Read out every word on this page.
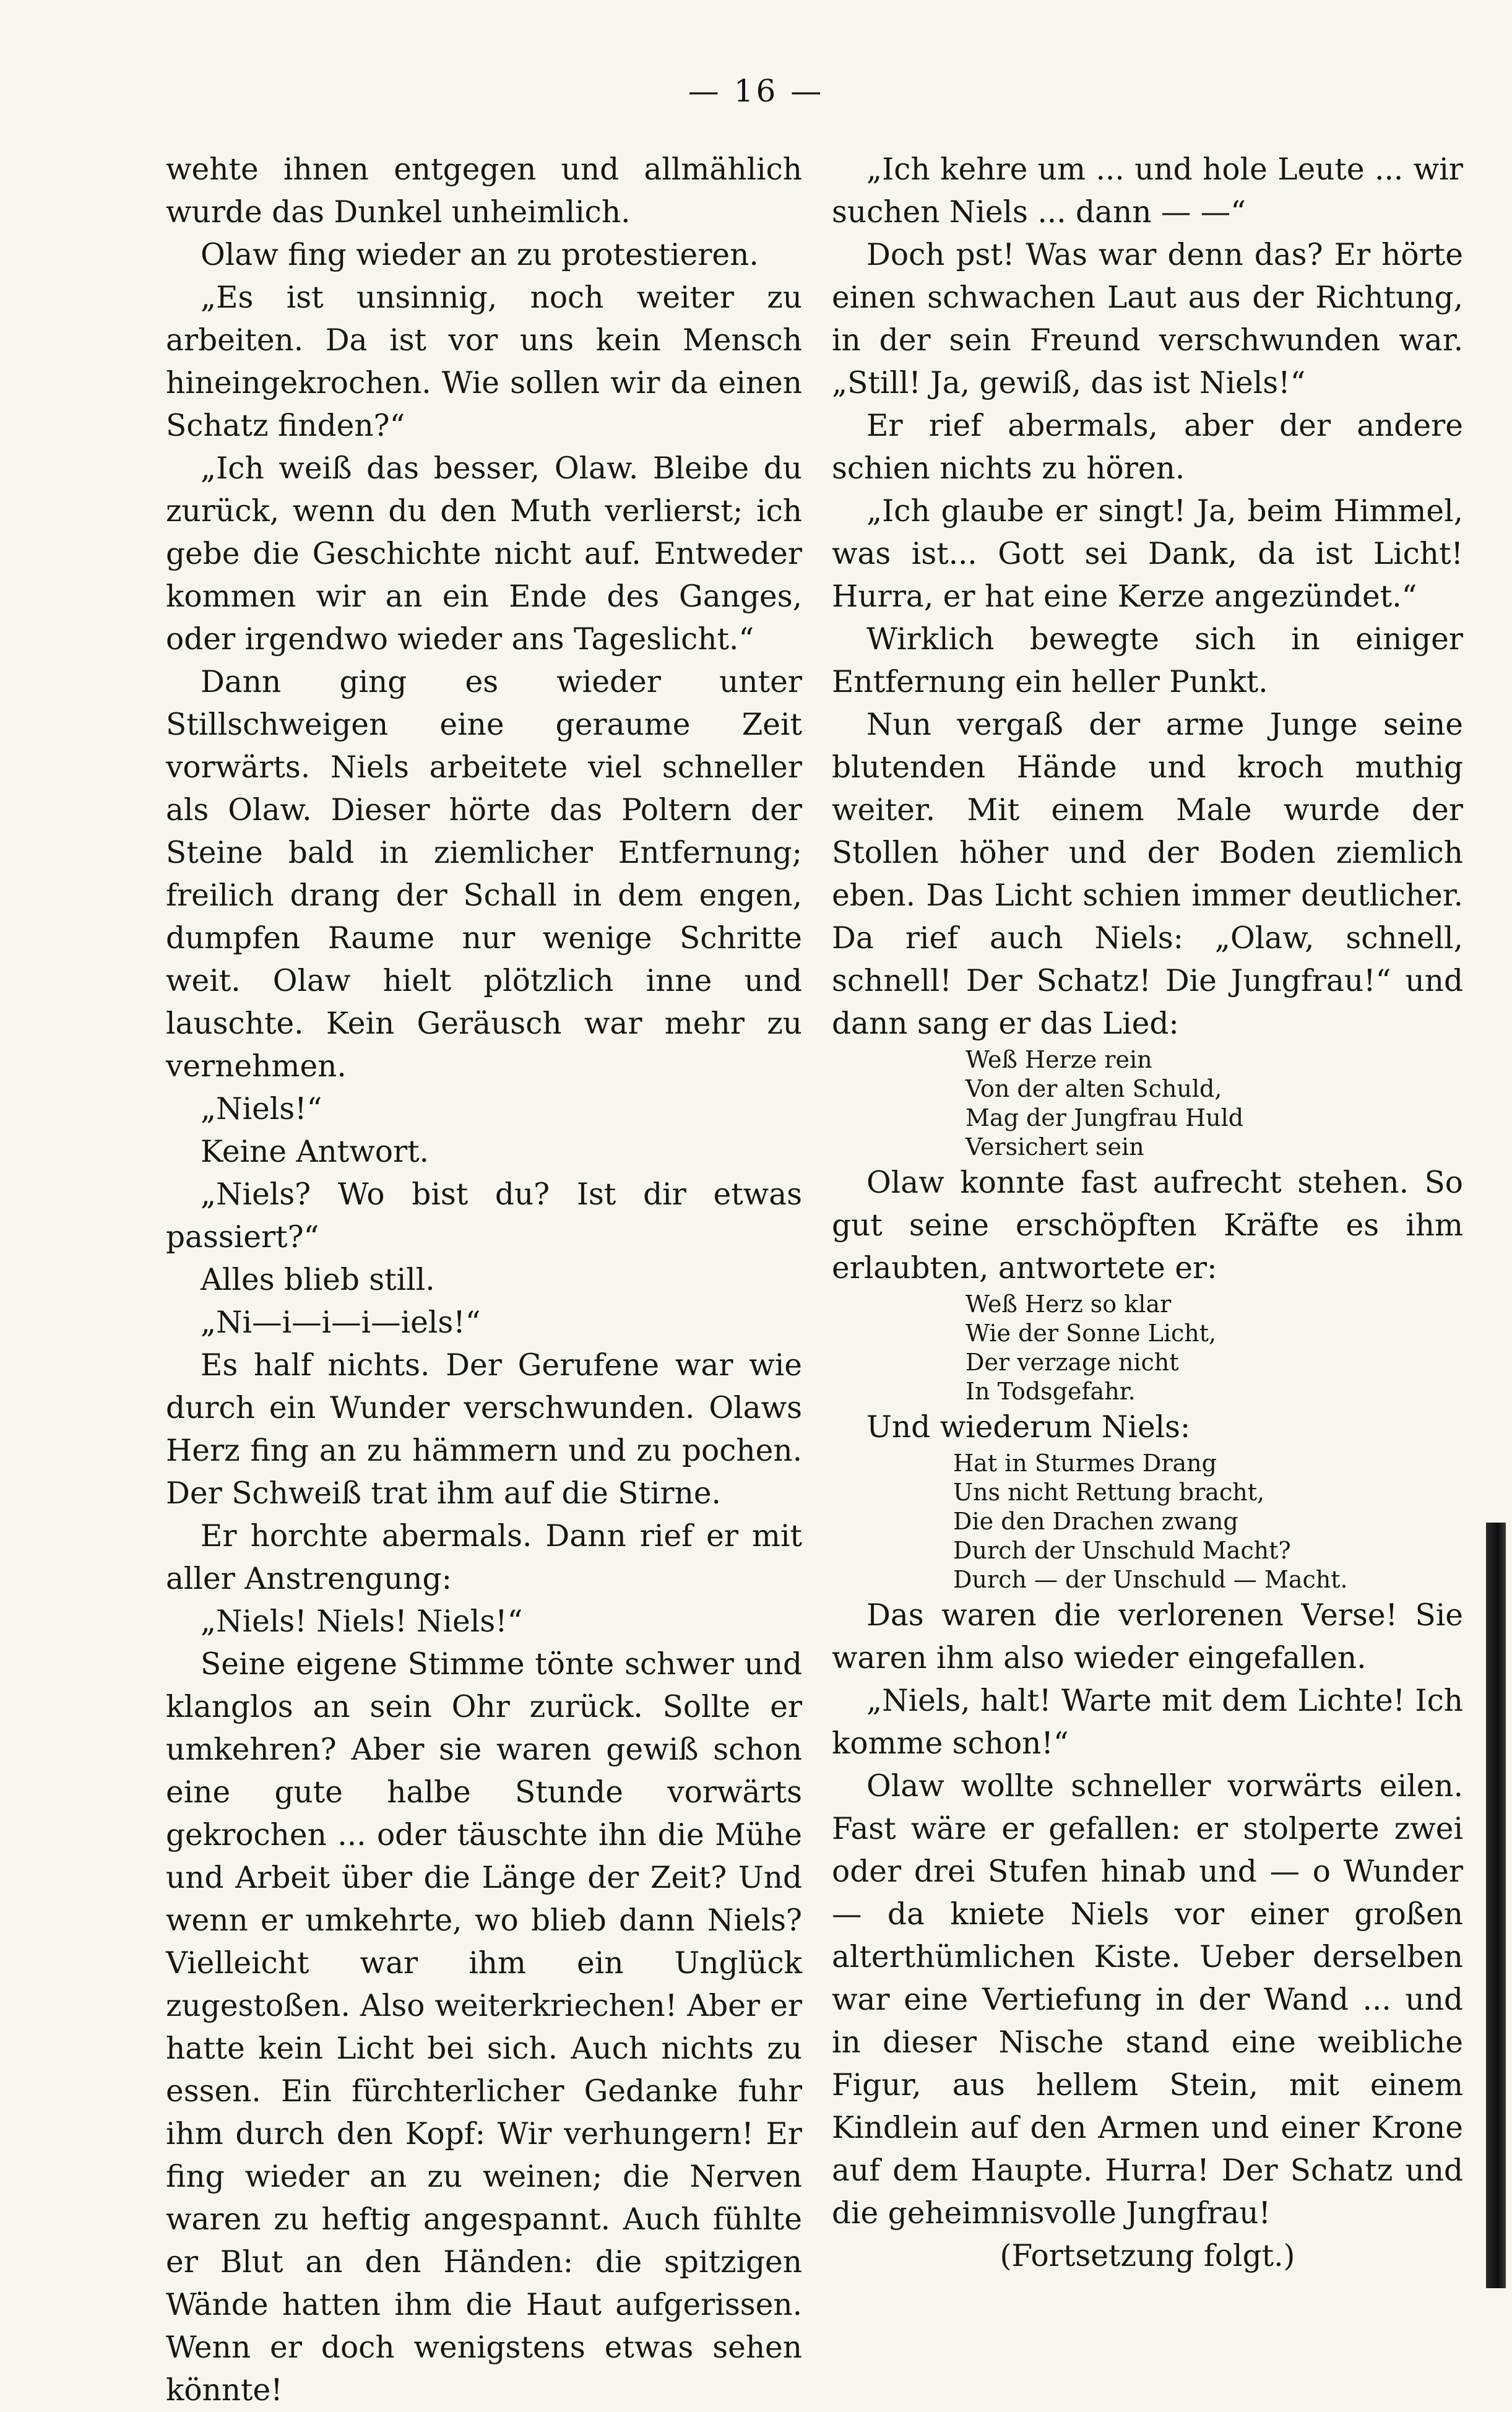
— 16 —

wehte ihnen entgegen und allmählich wurde das Dunkel unheimlich.

Olaw fing wieder an zu protestieren.

„Es ist unsinnig, noch weiter zu arbeiten. Da ist vor uns kein Mensch hineingekrochen. Wie sollen wir da einen Schatz finden?“

„Ich weiß das besser, Olaw. Bleibe du zurück, wenn du den Muth verlierst; ich gebe die Geschichte nicht auf. Entweder kommen wir an ein Ende des Ganges, oder irgendwo wieder ans Tageslicht.“

Dann ging es wieder unter Stillschweigen eine geraume Zeit vorwärts. Niels arbeitete viel schneller als Olaw. Dieser hörte das Poltern der Steine bald in ziemlicher Entfernung; freilich drang der Schall in dem engen, dumpfen Raume nur wenige Schritte weit. Olaw hielt plötzlich inne und lauschte. Kein Geräusch war mehr zu vernehmen.

„Niels!“

Keine Antwort.

„Niels? Wo bist du? Ist dir etwas passiert?“

Alles blieb still.

„Ni—i—i—i—iels!“

Es half nichts. Der Gerufene war wie durch ein Wunder verschwunden. Olaws Herz fing an zu hämmern und zu pochen. Der Schweiß trat ihm auf die Stirne.

Er horchte abermals. Dann rief er mit aller Anstrengung:

„Niels! Niels! Niels!“

Seine eigene Stimme tönte schwer und klanglos an sein Ohr zurück. Sollte er umkehren? Aber sie waren gewiß schon eine gute halbe Stunde vorwärts gekrochen ... oder täuschte ihn die Mühe und Arbeit über die Länge der Zeit? Und wenn er umkehrte, wo blieb dann Niels? Vielleicht war ihm ein Unglück zugestoßen. Also weiterkriechen! Aber er hatte kein Licht bei sich. Auch nichts zu essen. Ein fürchterlicher Gedanke fuhr ihm durch den Kopf: Wir verhungern! Er fing wieder an zu weinen; die Nerven waren zu heftig angespannt. Auch fühlte er Blut an den Händen: die spitzigen Wände hatten ihm die Haut aufgerissen. Wenn er doch wenigstens etwas sehen könnte!

„Ich kehre um ... und hole Leute ... wir suchen Niels ... dann — —“

Doch pst! Was war denn das? Er hörte einen schwachen Laut aus der Richtung, in der sein Freund verschwunden war. „Still! Ja, gewiß, das ist Niels!“

Er rief abermals, aber der andere schien nichts zu hören.

„Ich glaube er singt! Ja, beim Himmel, was ist... Gott sei Dank, da ist Licht! Hurra, er hat eine Kerze angezündet.“

Wirklich bewegte sich in einiger Entfernung ein heller Punkt.

Nun vergaß der arme Junge seine blutenden Hände und kroch muthig weiter. Mit einem Male wurde der Stollen höher und der Boden ziemlich eben. Das Licht schien immer deutlicher. Da rief auch Niels: „Olaw, schnell, schnell! Der Schatz! Die Jungfrau!“ und dann sang er das Lied:

Weß Herze rein
Von der alten Schuld,
Mag der Jungfrau Huld
Versichert sein

Olaw konnte fast aufrecht stehen. So gut seine erschöpften Kräfte es ihm erlaubten, antwortete er:

Weß Herz so klar
Wie der Sonne Licht,
Der verzage nicht
In Todsgefahr.

Und wiederum Niels:

Hat in Sturmes Drang
Uns nicht Rettung bracht,
Die den Drachen zwang
Durch der Unschuld Macht?
Durch — der Unschuld — Macht.

Das waren die verlorenen Verse! Sie waren ihm also wieder eingefallen.

„Niels, halt! Warte mit dem Lichte! Ich komme schon!“

Olaw wollte schneller vorwärts eilen. Fast wäre er gefallen: er stolperte zwei oder drei Stufen hinab und — o Wunder — da kniete Niels vor einer großen alterthümlichen Kiste. Ueber derselben war eine Vertiefung in der Wand ... und in dieser Nische stand eine weibliche Figur, aus hellem Stein, mit einem Kindlein auf den Armen und einer Krone auf dem Haupte. Hurra! Der Schatz und die geheimnisvolle Jungfrau!

(Fortsetzung folgt.)
